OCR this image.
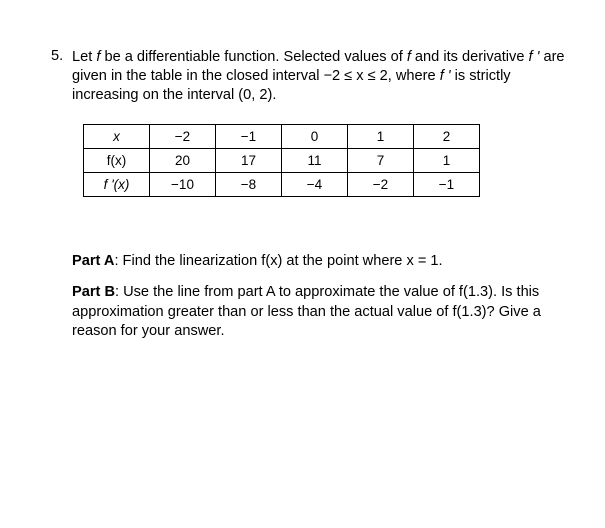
5. Let f be a differentiable function. Selected values of f and its derivative f ' are given in the table in the closed interval −2 ≤ x ≤ 2, where f ' is strictly increasing on the interval (0, 2).

x	−2	−1	0	1	2
f(x)	20	17	11	7	1
f '(x)	−10	−8	−4	−2	−1

Part A: Find the linearization f(x) at the point where x = 1.

Part B: Use the line from part A to approximate the value of f(1.3). Is this approximation greater than or less than the actual value of f(1.3)? Give a reason for your answer.
